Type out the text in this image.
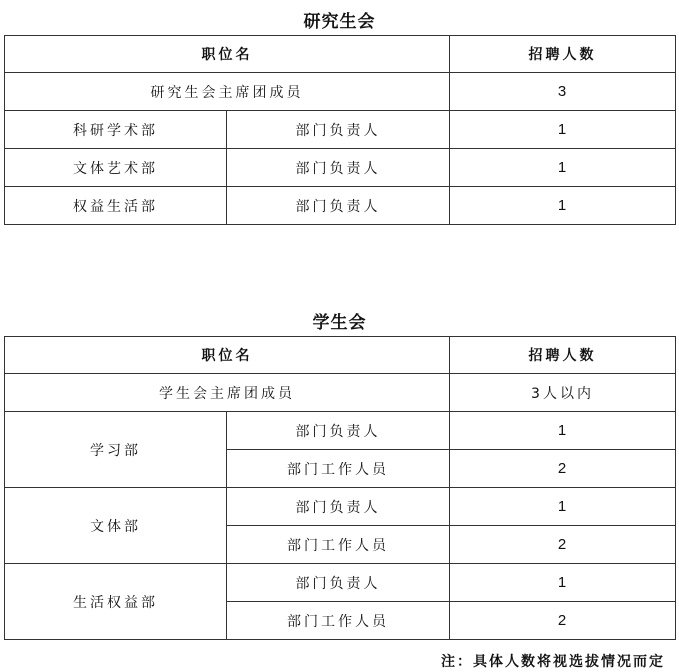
研究生会
职位名		招聘人数
研究生会主席团成员		3
科研学术部	部门负责人	1
文体艺术部	部门负责人	1
权益生活部	部门负责人	1
学生会
职位名		招聘人数
学生会主席团成员		3人以内
学习部	部门负责人	1
	部门工作人员	2
文体部	部门负责人	1
	部门工作人员	2
生活权益部	部门负责人	1
	部门工作人员	2
注：具体人数将视选拔情况而定
